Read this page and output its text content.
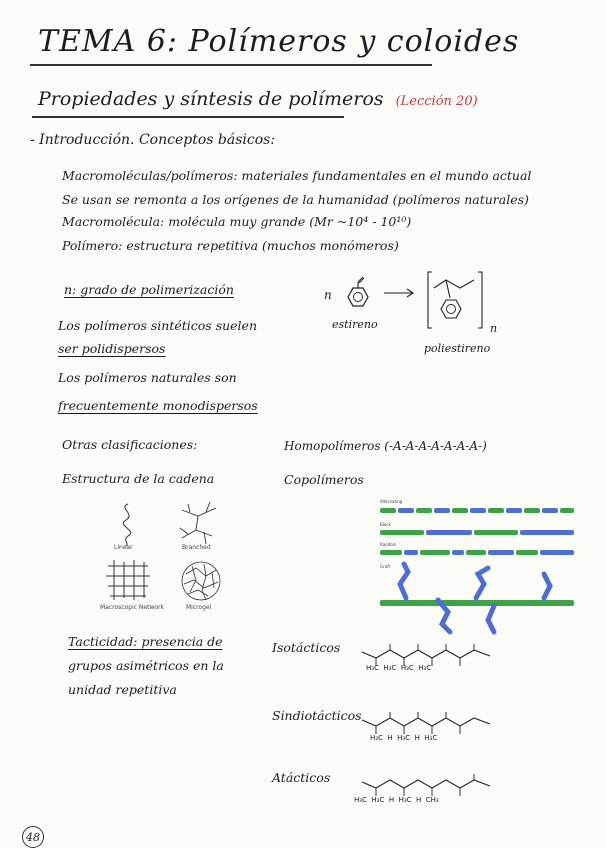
TEMA 6: Polímeros y coloides
Propiedades y síntesis de polímeros (Lección 20)
- Introducción. Conceptos básicos:
Macromoléculas/polímeros: materiales fundamentales en el mundo actual
Se usan se remonta a los orígenes de la humanidad (polímeros naturales)
Macromolécula: molécula muy grande (Mr ~10⁴ - 10¹⁰)
Polímero: estructura repetitiva (muchos monómeros)
n: grado de polimerización
Los polímeros sintéticos suelen
ser polidispersos
Los polímeros naturales son
frecuentemente monodispersos
n
n
estireno
poliestireno
Otras clasificaciones:
Estructura de la cadena
Homopolímeros (-A-A-A-A-A-A-A-)
Copolímeros
Linear	Branched
Macroscopic Network	Microgel
Alternating
Block
Random
Graft
Tacticidad: presencia de
grupos asimétricos en la
unidad repetitiva
Isotácticos
Sindiotácticos
Atácticos
H₃C H₃C H₃C H₃C
H₃C H H₃C H H₃C
H₃C H₃C H H₃C H CH₃
48
